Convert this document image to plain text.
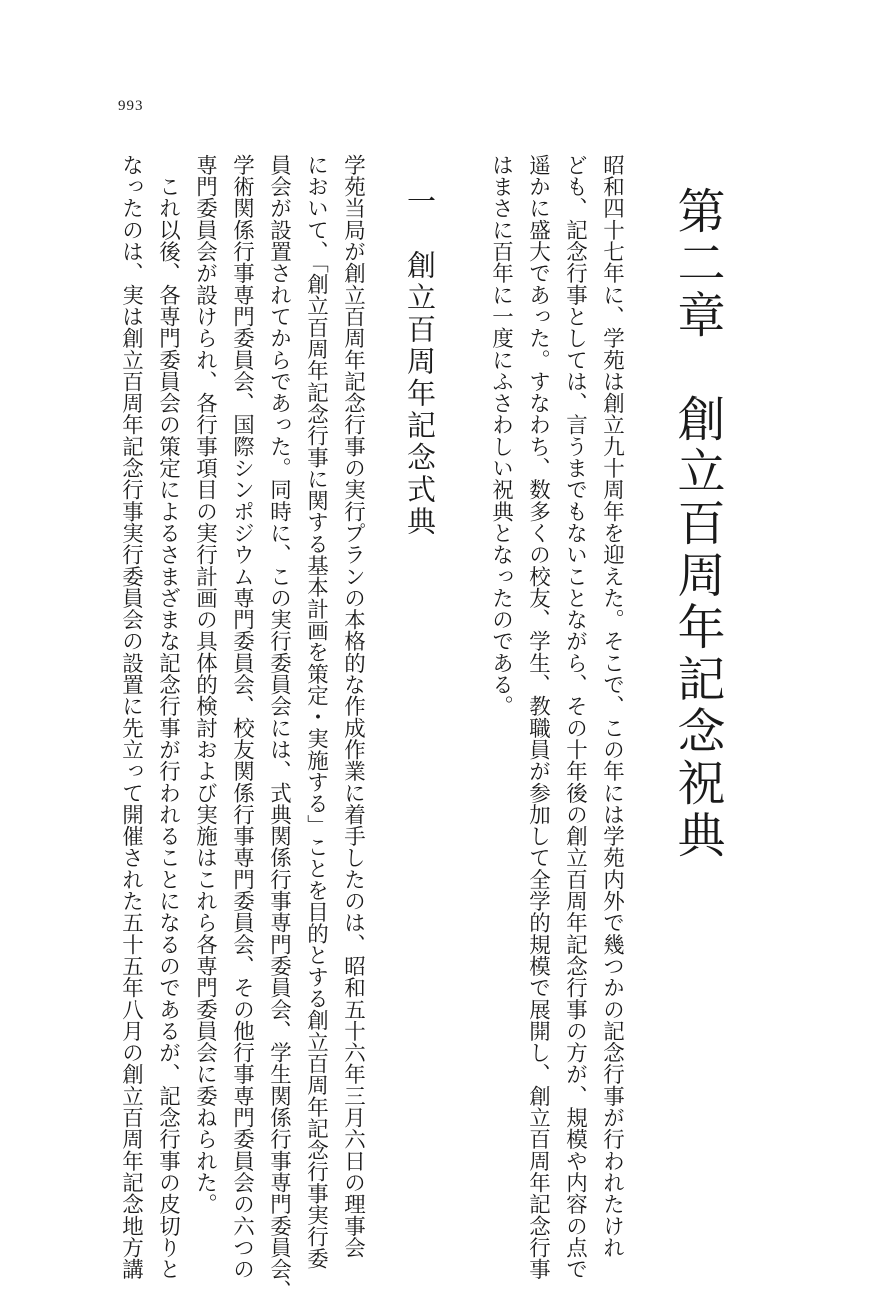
993
第二章　創立百周年記念祝典
昭和四十七年に、学苑は創立九十周年を迎えた。そこで、この年には学苑内外で幾つかの記念行事が行われたけれ
ども、記念行事としては、言うまでもないことながら、その十年後の創立百周年記念行事の方が、規模や内容の点で
遥かに盛大であった。すなわち、数多くの校友、学生、教職員が参加して全学的規模で展開し、創立百周年記念行事
はまさに百年に一度にふさわしい祝典となったのである。
一　創立百周年記念式典
学苑当局が創立百周年記念行事の実行プランの本格的な作成作業に着手したのは、昭和五十六年三月六日の理事会
において、「創立百周年記念行事に関する基本計画を策定・実施する」ことを目的とする創立百周年記念行事実行委
員会が設置されてからであった。同時に、この実行委員会には、式典関係行事専門委員会、学生関係行事専門委員会、
学術関係行事専門委員会、国際シンポジウム専門委員会、校友関係行事専門委員会、その他行事専門委員会の六つの
専門委員会が設けられ、各行事項目の実行計画の具体的検討および実施はこれら各専門委員会に委ねられた。
　これ以後、各専門委員会の策定によるさまざまな記念行事が行われることになるのであるが、記念行事の皮切りと
なったのは、実は創立百周年記念行事実行委員会の設置に先立って開催された五十五年八月の創立百周年記念地方講
